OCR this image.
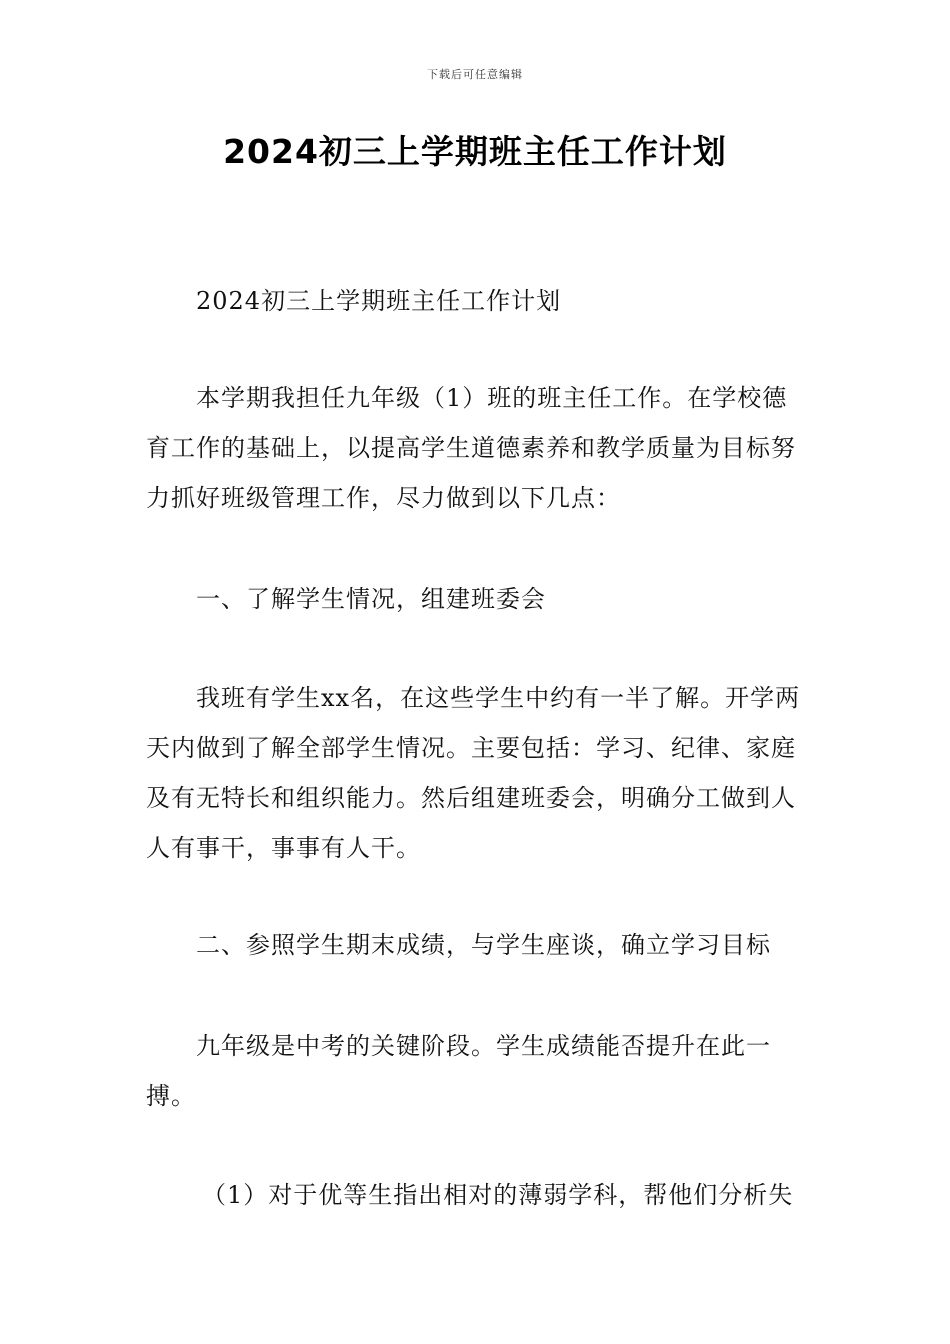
下载后可任意编辑
2024初三上学期班主任工作计划

2024初三上学期班主任工作计划

本学期我担任九年级（1）班的班主任工作。在学校德育工作的基础上，以提高学生道德素养和教学质量为目标努力抓好班级管理工作，尽力做到以下几点：

一、了解学生情况，组建班委会

我班有学生xx名，在这些学生中约有一半了解。开学两天内做到了解全部学生情况。主要包括：学习、纪律、家庭及有无特长和组织能力。然后组建班委会，明确分工做到人人有事干，事事有人干。

二、参照学生期末成绩，与学生座谈，确立学习目标

九年级是中考的关键阶段。学生成绩能否提升在此一搏。

（1）对于优等生指出相对的薄弱学科，帮他们分析失
